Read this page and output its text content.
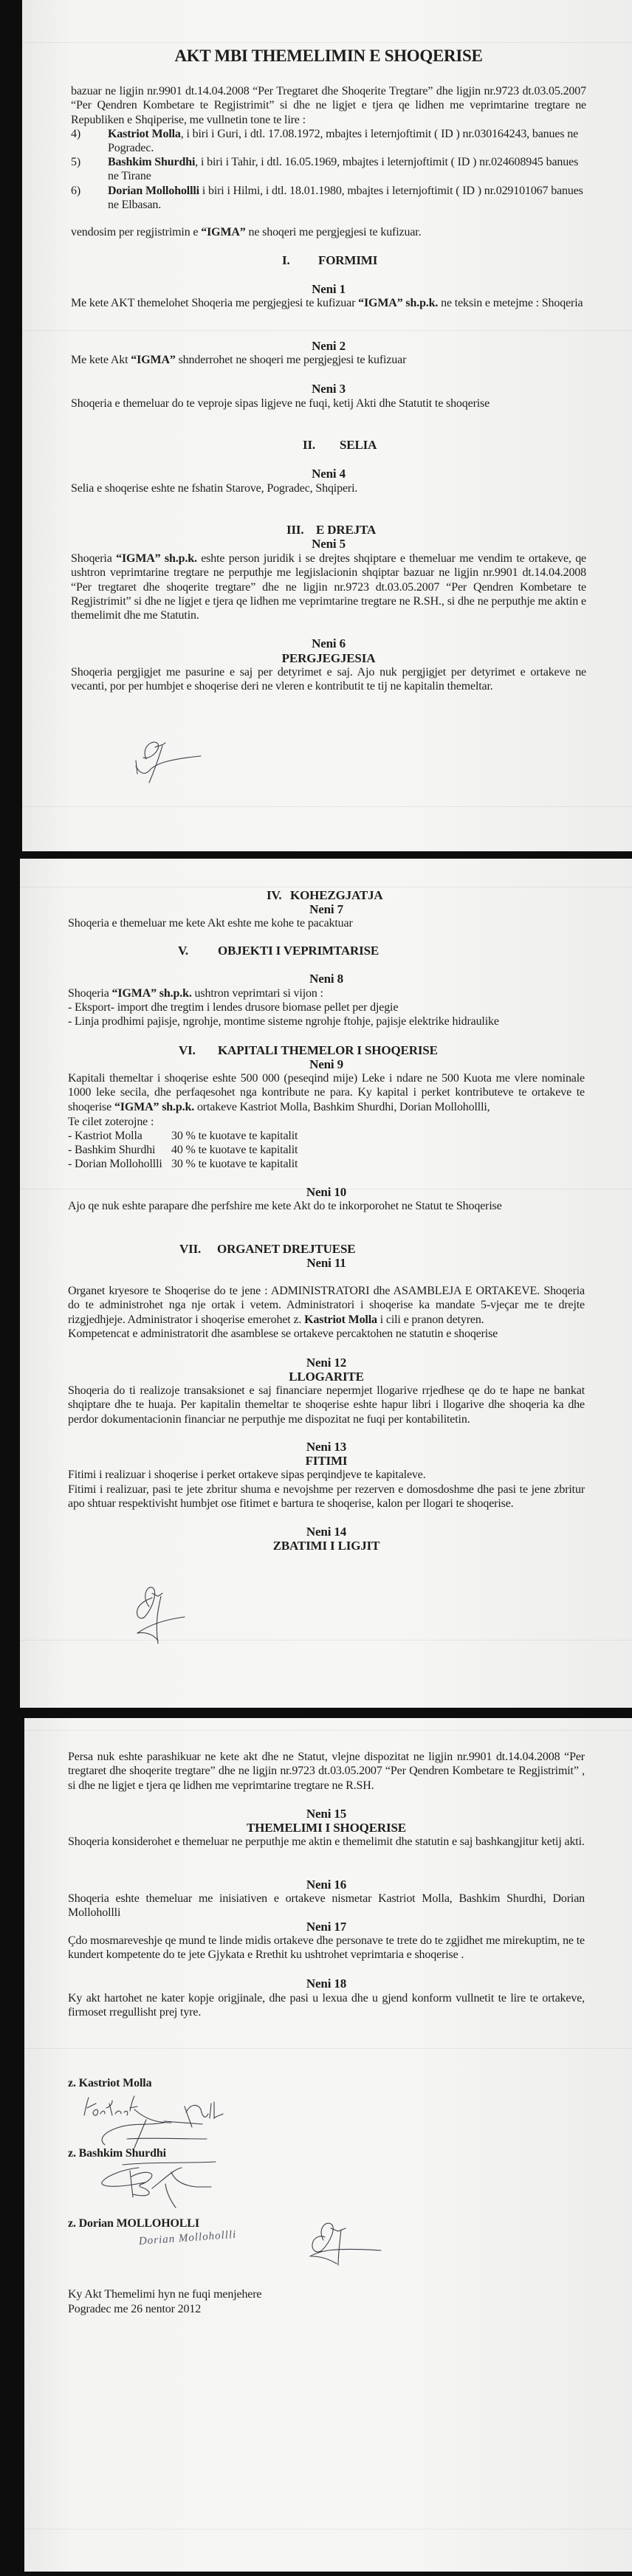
AKT MBI THEMELIMIN E SHOQERISE
bazuar ne ligjin nr.9901 dt.14.04.2008 “Per Tregtaret dhe Shoqerite Tregtare” dhe ligjin nr.9723 dt.03.05.2007 “Per Qendren Kombetare te Regjistrimit” si dhe ne ligjet e tjera qe lidhen me veprimtarine tregtare ne Republiken e Shqiperise, me vullnetin tone te lire :
4) Kastriot Molla, i biri i Guri, i dtl. 17.08.1972, mbajtes i leternjoftimit ( ID ) nr.030164243, banues ne Pogradec.
5) Bashkim Shurdhi, i biri i Tahir, i dtl. 16.05.1969, mbajtes i leternjoftimit ( ID ) nr.024608945 banues ne Tirane
6) Dorian Mollohollli i biri i Hilmi, i dtl. 18.01.1980, mbajtes i leternjoftimit ( ID ) nr.029101067 banues ne Elbasan.
vendosim per regjistrimin e “IGMA” ne shoqeri me pergjegjesi te kufizuar.
I. FORMIMI
Neni 1
Me kete AKT themelohet Shoqeria me pergjegjesi te kufizuar “IGMA” sh.p.k. ne teksin e metejme : Shoqeria
Neni 2
Me kete Akt “IGMA” shnderrohet ne shoqeri me pergjegjesi te kufizuar
Neni 3
Shoqeria e themeluar do te veproje sipas ligjeve ne fuqi, ketij Akti dhe Statutit te shoqerise
II. SELIA
Neni 4
Selia e shoqerise eshte ne fshatin Starove, Pogradec, Shqiperi.
III. E DREJTA
Neni 5
Shoqeria “IGMA” sh.p.k. eshte person juridik i se drejtes shqiptare e themeluar me vendim te ortakeve, qe ushtron veprimtarine tregtare ne perputhje me legjislacionin shqiptar bazuar ne ligjin nr.9901 dt.14.04.2008 “Per tregtaret dhe shoqerite tregtare” dhe ne ligjin nr.9723 dt.03.05.2007 “Per Qendren Kombetare te Regjistrimit” si dhe ne ligjet e tjera qe lidhen me veprimtarine tregtare ne R.SH., si dhe ne perputhje me aktin e themelimit dhe me Statutin.
Neni 6
PERGJEGJESIA
Shoqeria pergjigjet me pasurine e saj per detyrimet e saj. Ajo nuk pergjigjet per detyrimet e ortakeve ne vecanti, por per humbjet e shoqerise deri ne vleren e kontributit te tij ne kapitalin themeltar.
IV. KOHEZGJATJA
Neni 7
Shoqeria e themeluar me kete Akt eshte me kohe te pacaktuar
V. OBJEKTI I VEPRIMTARISE
Neni 8
Shoqeria “IGMA” sh.p.k. ushtron veprimtari si vijon :
- Eksport- import dhe tregtim i lendes drusore biomase pellet per djegie
- Linja prodhimi pajisje, ngrohje, montime sisteme ngrohje ftohje, pajisje elektrike hidraulike
VI. KAPITALI THEMELOR I SHOQERISE
Neni 9
Kapitali themeltar i shoqerise eshte 500 000 (peseqind mije) Leke i ndare ne 500 Kuota me vlere nominale 1000 leke secila, dhe perfaqesohet nga kontribute ne para. Ky kapital i perket kontributeve te ortakeve te shoqerise “IGMA” sh.p.k. ortakeve Kastriot Molla, Bashkim Shurdhi, Dorian Mollohollli,
Te cilet zoterojne :
- Kastriot Molla 30 % te kuotave te kapitalit
- Bashkim Shurdhi 40 % te kuotave te kapitalit
- Dorian Mollohollli 30 % te kuotave te kapitalit
Neni 10
Ajo qe nuk eshte parapare dhe perfshire me kete Akt do te inkorporohet ne Statut te Shoqerise
VII. ORGANET DREJTUESE
Neni 11
Organet kryesore te Shoqerise do te jene : ADMINISTRATORI dhe ASAMBLEJA E ORTAKEVE. Shoqeria do te administrohet nga nje ortak i vetem. Administratori i shoqerise ka mandate 5-vjeçar me te drejte rizgjedhjeje. Administrator i shoqerise emerohet z. Kastriot Molla i cili e pranon detyren.
Kompetencat e administratorit dhe asamblese se ortakeve percaktohen ne statutin e shoqerise
Neni 12
LLOGARITE
Shoqeria do ti realizoje transaksionet e saj financiare nepermjet llogarive rrjedhese qe do te hape ne bankat shqiptare dhe te huaja. Per kapitalin themeltar te shoqerise eshte hapur libri i llogarive dhe shoqeria ka dhe perdor dokumentacionin financiar ne perputhje me dispozitat ne fuqi per kontabilitetin.
Neni 13
FITIMI
Fitimi i realizuar i shoqerise i perket ortakeve sipas perqindjeve te kapitaleve.
Fitimi i realizuar, pasi te jete zbritur shuma e nevojshme per rezerven e domosdoshme dhe pasi te jene zbritur apo shtuar respektivisht humbjet ose fitimet e bartura te shoqerise, kalon per llogari te shoqerise.
Neni 14
ZBATIMI I LIGJIT
Persa nuk eshte parashikuar ne kete akt dhe ne Statut, vlejne dispozitat ne ligjin nr.9901 dt.14.04.2008 “Per tregtaret dhe shoqerite tregtare” dhe ne ligjin nr.9723 dt.03.05.2007 “Per Qendren Kombetare te Regjistrimit” , si dhe ne ligjet e tjera qe lidhen me veprimtarine tregtare ne R.SH.
Neni 15
THEMELIMI I SHOQERISE
Shoqeria konsiderohet e themeluar ne perputhje me aktin e themelimit dhe statutin e saj bashkangjitur ketij akti.
Neni 16
Shoqeria eshte themeluar me inisiativen e ortakeve nismetar Kastriot Molla, Bashkim Shurdhi, Dorian Mollohollli
Neni 17
Çdo mosmareveshje qe mund te linde midis ortakeve dhe personave te trete do te zgjidhet me mirekuptim, ne te kundert kompetente do te jete Gjykata e Rrethit ku ushtrohet veprimtaria e shoqerise .
Neni 18
Ky akt hartohet ne kater kopje origjinale, dhe pasi u lexua dhe u gjend konform vullnetit te lire te ortakeve, firmoset rregullisht prej tyre.
z. Kastriot Molla
z. Bashkim Shurdhi
z. Dorian MOLLOHOLLI
Dorian Mollohollli
Ky Akt Themelimi hyn ne fuqi menjehere
Pogradec me 26 nentor 2012
